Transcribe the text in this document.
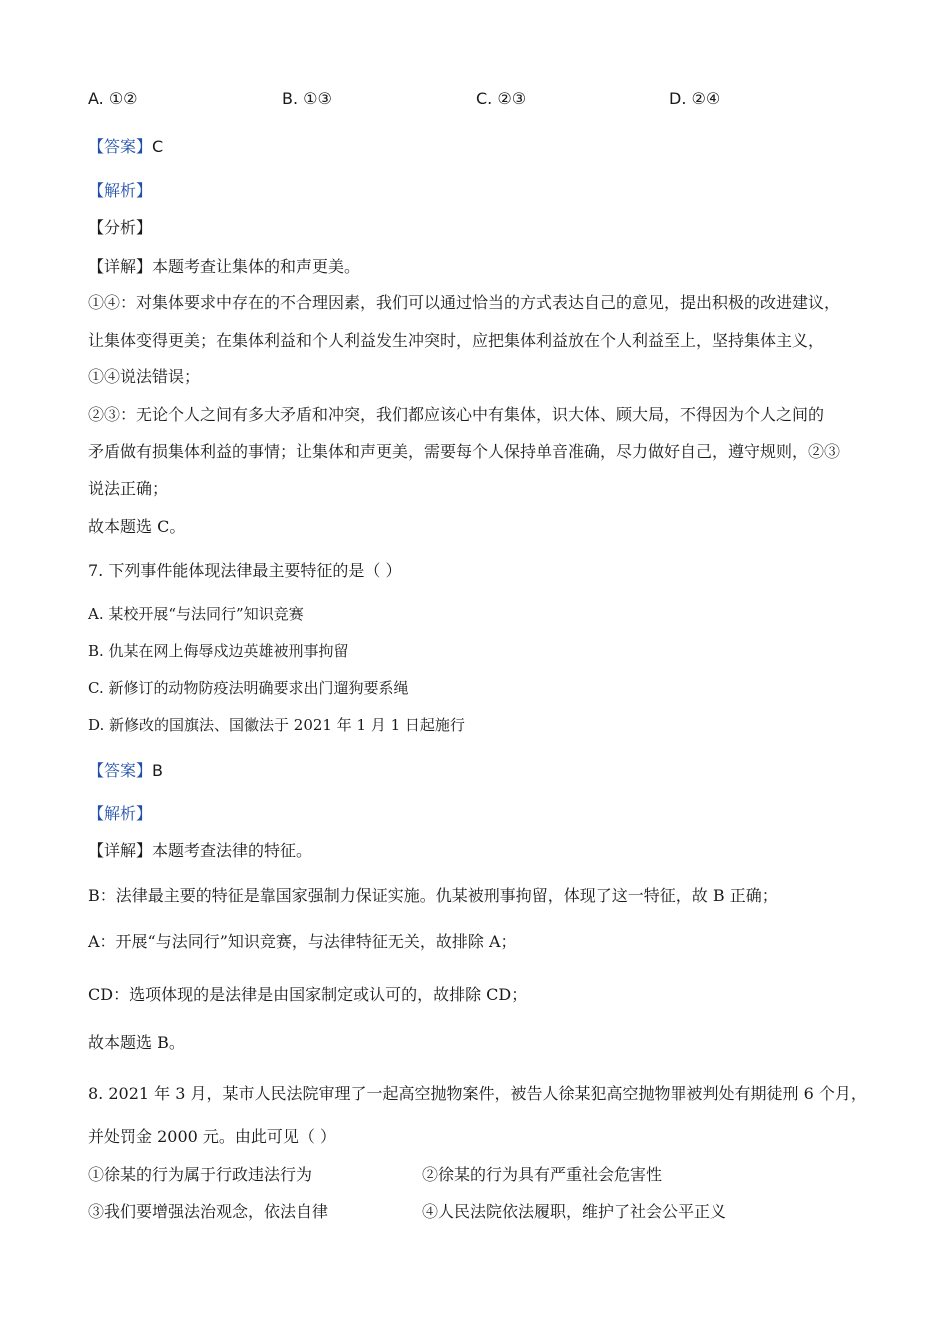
A. ①②	B. ①③	C. ②③	D. ②④
【答案】C
【解析】
【分析】
【详解】本题考查让集体的和声更美。
①④：对集体要求中存在的不合理因素，我们可以通过恰当的方式表达自己的意见，提出积极的改进建议，
让集体变得更美；在集体利益和个人利益发生冲突时，应把集体利益放在个人利益至上，坚持集体主义，
①④说法错误；
②③：无论个人之间有多大矛盾和冲突，我们都应该心中有集体，识大体、顾大局，不得因为个人之间的
矛盾做有损集体利益的事情；让集体和声更美，需要每个人保持单音准确，尽力做好自己，遵守规则，②③
说法正确；
故本题选 C。
7. 下列事件能体现法律最主要特征的是（ ）
A. 某校开展“与法同行”知识竞赛
B. 仇某在网上侮辱戍边英雄被刑事拘留
C. 新修订的动物防疫法明确要求出门遛狗要系绳
D. 新修改的国旗法、国徽法于 2021 年 1 月 1 日起施行
【答案】B
【解析】
【详解】本题考查法律的特征。
B：法律最主要的特征是靠国家强制力保证实施。仇某被刑事拘留，体现了这一特征，故 B 正确；
A：开展“与法同行”知识竞赛，与法律特征无关，故排除 A；
CD：选项体现的是法律是由国家制定或认可的，故排除 CD；
故本题选 B。
8. 2021 年 3 月，某市人民法院审理了一起高空抛物案件，被告人徐某犯高空抛物罪被判处有期徒刑 6 个月，
并处罚金 2000 元。由此可见（ ）
①徐某的行为属于行政违法行为	②徐某的行为具有严重社会危害性
③我们要增强法治观念，依法自律	④人民法院依法履职，维护了社会公平正义
